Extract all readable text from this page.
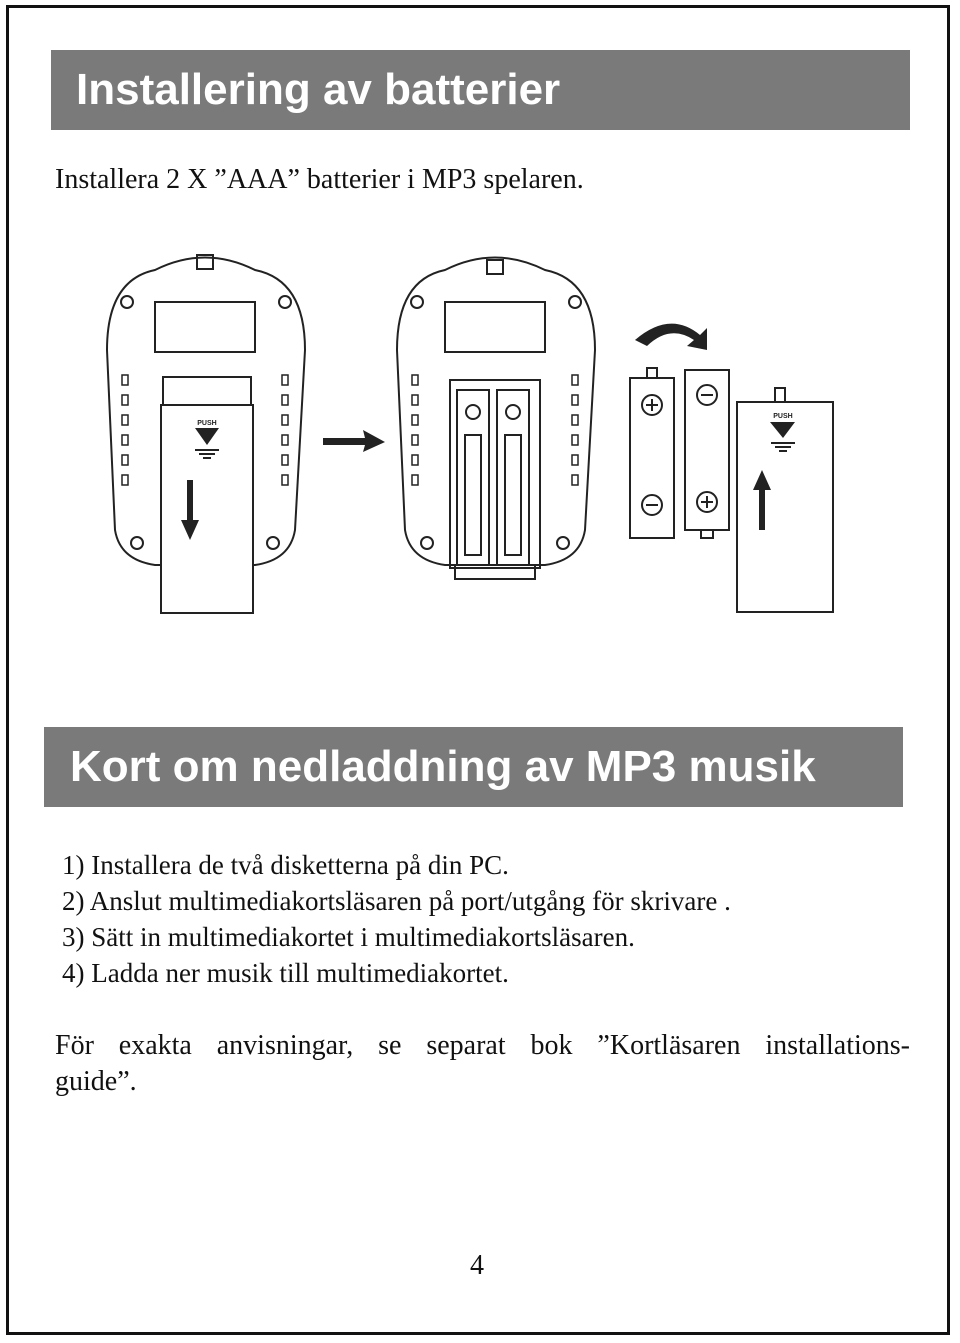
Installering av batterier
Installera 2 X ”AAA” batterier i MP3 spelaren.
PUSH
PUSH
Kort om nedladdning av MP3 musik
1) Installera de två disketterna på din PC.
2) Anslut multimediakortsläsaren på port/utgång för skrivare .
3) Sätt in multimediakortet i multimediakortsläsaren.
4) Ladda ner musik till multimediakortet.
För exakta anvisningar, se separat bok ”Kortläsaren installations-
guide”.
4
